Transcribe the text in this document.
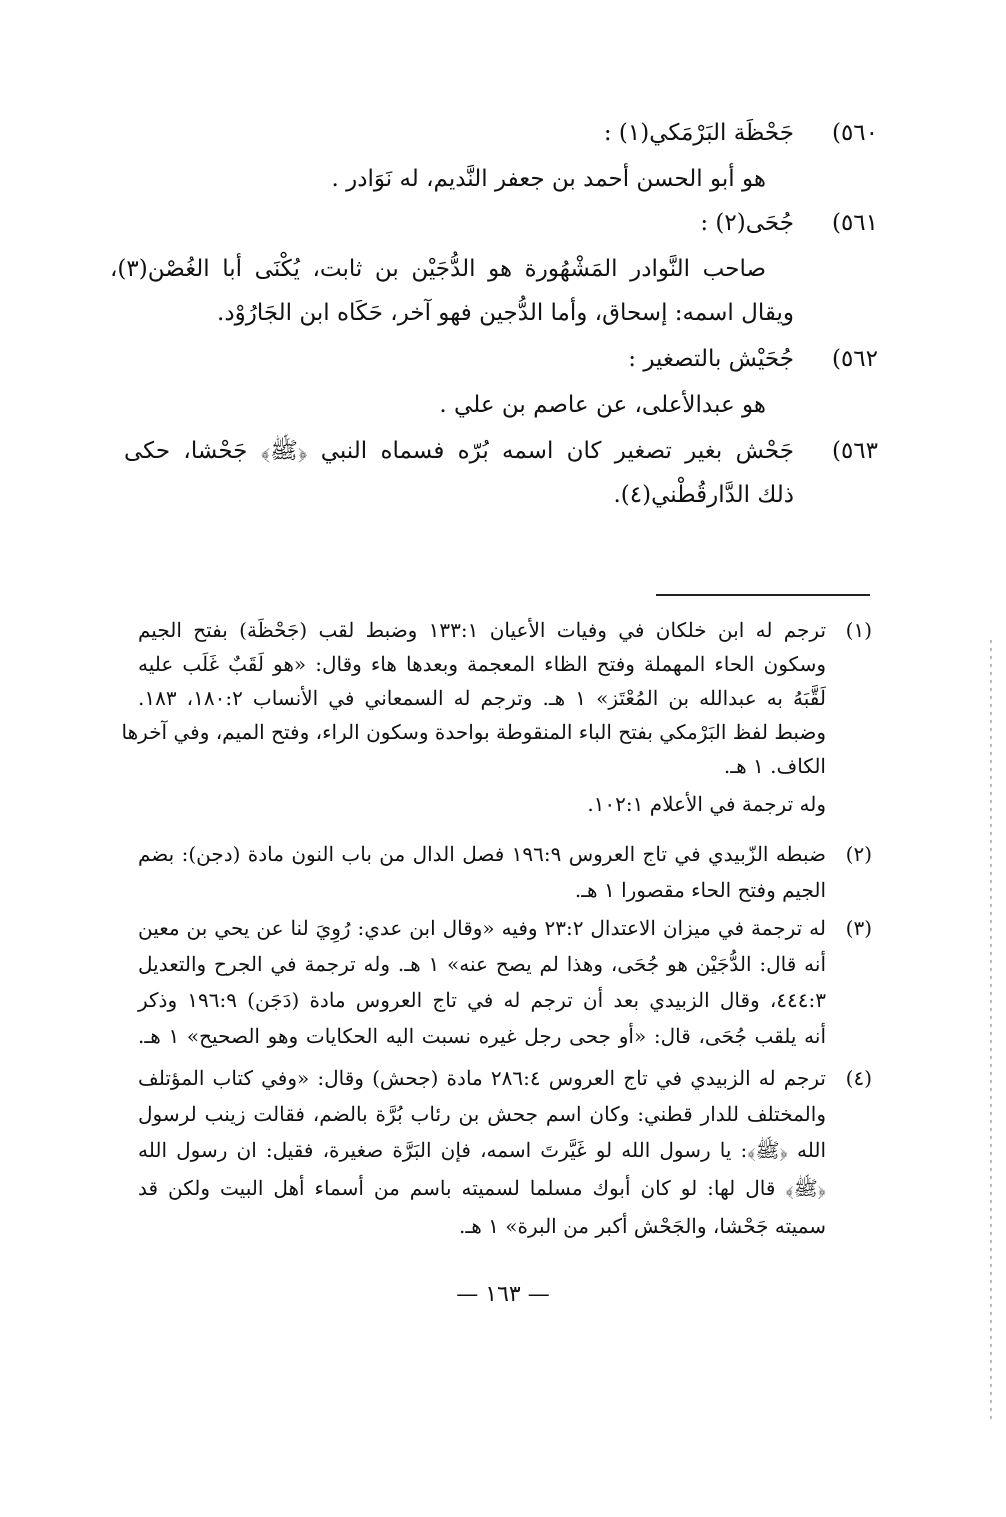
٥٦٠)
جَحْظَة البَرْمَكي(١) :
هو أبو الحسن أحمد بن جعفر النَّديم، له نَوَادر .
٥٦١)
جُحَى(٢) :
صاحب النَّوادر المَشْهُورة هو الدُّجَيْن بن ثابت، يُكْنَى أبا الغُصْن(٣)،
ويقال اسمه: إسحاق، وأما الدُّجين فهو آخر، حَكَاه ابن الجَارُوْد.
٥٦٢)
جُحَيْش بالتصغير :
هو عبدالأعلى، عن عاصم بن علي .
٥٦٣)
جَحْش بغير تصغير كان اسمه بُرّه فسماه النبي ﴿ﷺ﴾ جَحْشا، حكى
ذلك الدَّارقُطْني(٤).
(١)
ترجم له ابن خلكان في وفيات الأعيان ١٣٣:١ وضبط لقب (جَحْظَة) بفتح الجيم
وسكون الحاء المهملة وفتح الظاء المعجمة وبعدها هاء وقال: «هو لَقَبٌ غَلَب عليه
لَقَّبَهُ به عبدالله بن المُعْتَز» ١ هـ. وترجم له السمعاني في الأنساب ١٨٠:٢، ١٨٣.
وضبط لفظ البَرْمكي بفتح الباء المنقوطة بواحدة وسكون الراء، وفتح الميم، وفي آخرها
الكاف. ١ هـ.
وله ترجمة في الأعلام ١٠٢:١.
(٢)
ضبطه الزّبيدي في تاج العروس ١٩٦:٩ فصل الدال من باب النون مادة (دجن): بضم
الجيم وفتح الحاء مقصورا ١ هـ.
(٣)
له ترجمة في ميزان الاعتدال ٢٣:٢ وفيه «وقال ابن عدي: رُوِيَ لنا عن يحي بن معين
أنه قال: الدُّجَيْن هو جُحَى، وهذا لم يصح عنه» ١ هـ. وله ترجمة في الجرح والتعديل
٤٤٤:٣، وقال الزبيدي بعد أن ترجم له في تاج العروس مادة (دَجَن) ١٩٦:٩ وذكر
أنه يلقب جُحَى، قال: «أو جحى رجل غيره نسبت اليه الحكايات وهو الصحيح» ١ هـ.
(٤)
ترجم له الزبيدي في تاج العروس ٢٨٦:٤ مادة (جحش) وقال: «وفي كتاب المؤتلف
والمختلف للدار قطني: وكان اسم جحش بن رئاب بُرَّة بالضم، فقالت زينب لرسول
الله ﴿ﷺ﴾: يا رسول الله لو غَيَّرتَ اسمه، فإن البَرَّة صغيرة، فقيل: ان رسول الله
﴿ﷺ﴾ قال لها: لو كان أبوك مسلما لسميته باسم من أسماء أهل البيت ولكن قد
سميته جَحْشا، والجَحْش أكبر من البرة» ١ هـ.
— ١٦٣ —
